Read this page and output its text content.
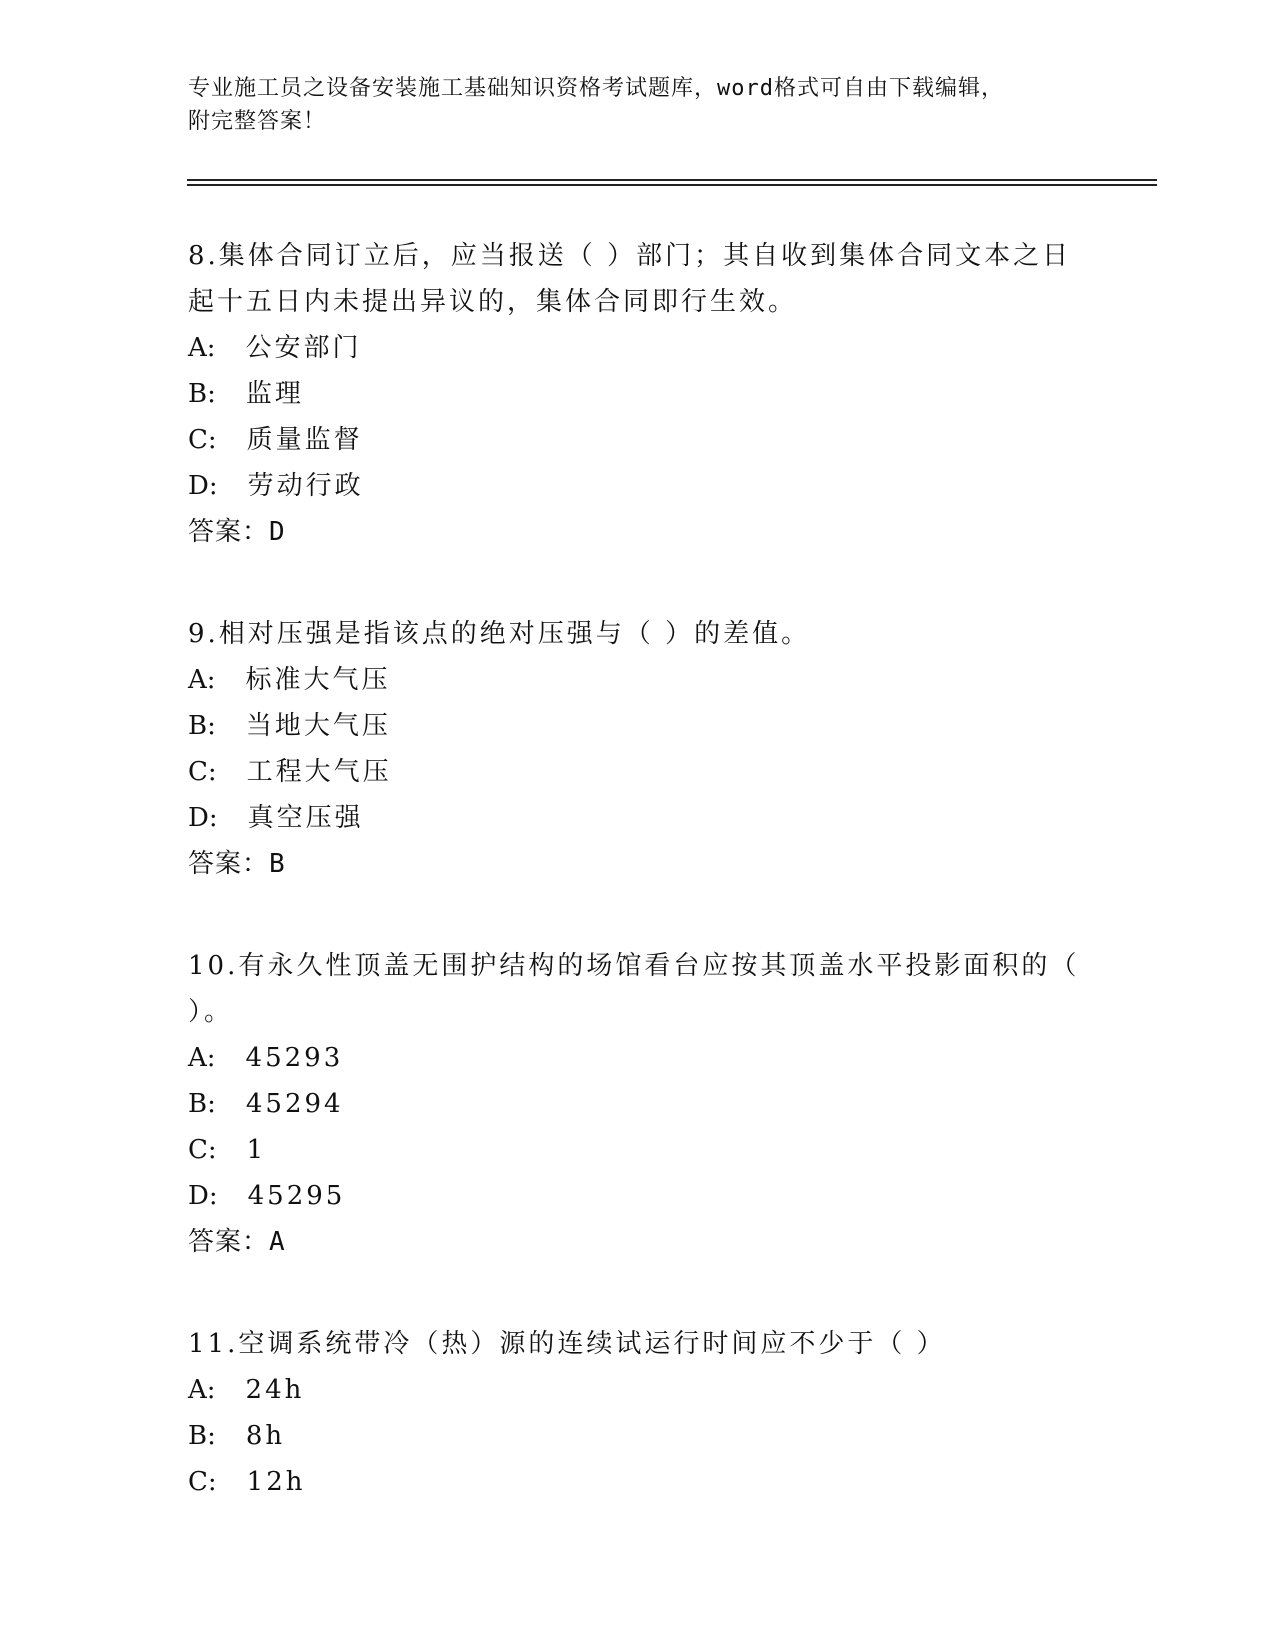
专业施工员之设备安装施工基础知识资格考试题库，word格式可自由下载编辑，
附完整答案！
8.集体合同订立后，应当报送（ ）部门；其自收到集体合同文本之日起十五日内未提出异议的，集体合同即行生效。
A: 公安部门
B: 监理
C: 质量监督
D: 劳动行政
答案：D
9.相对压强是指该点的绝对压强与（ ）的差值。
A: 标准大气压
B: 当地大气压
C: 工程大气压
D: 真空压强
答案：B
10.有永久性顶盖无围护结构的场馆看台应按其顶盖水平投影面积的（ ）。
A: 45293
B: 45294
C: 1
D: 45295
答案：A
11.空调系统带冷（热）源的连续试运行时间应不少于（ ）
A: 24h
B: 8h
C: 12h
